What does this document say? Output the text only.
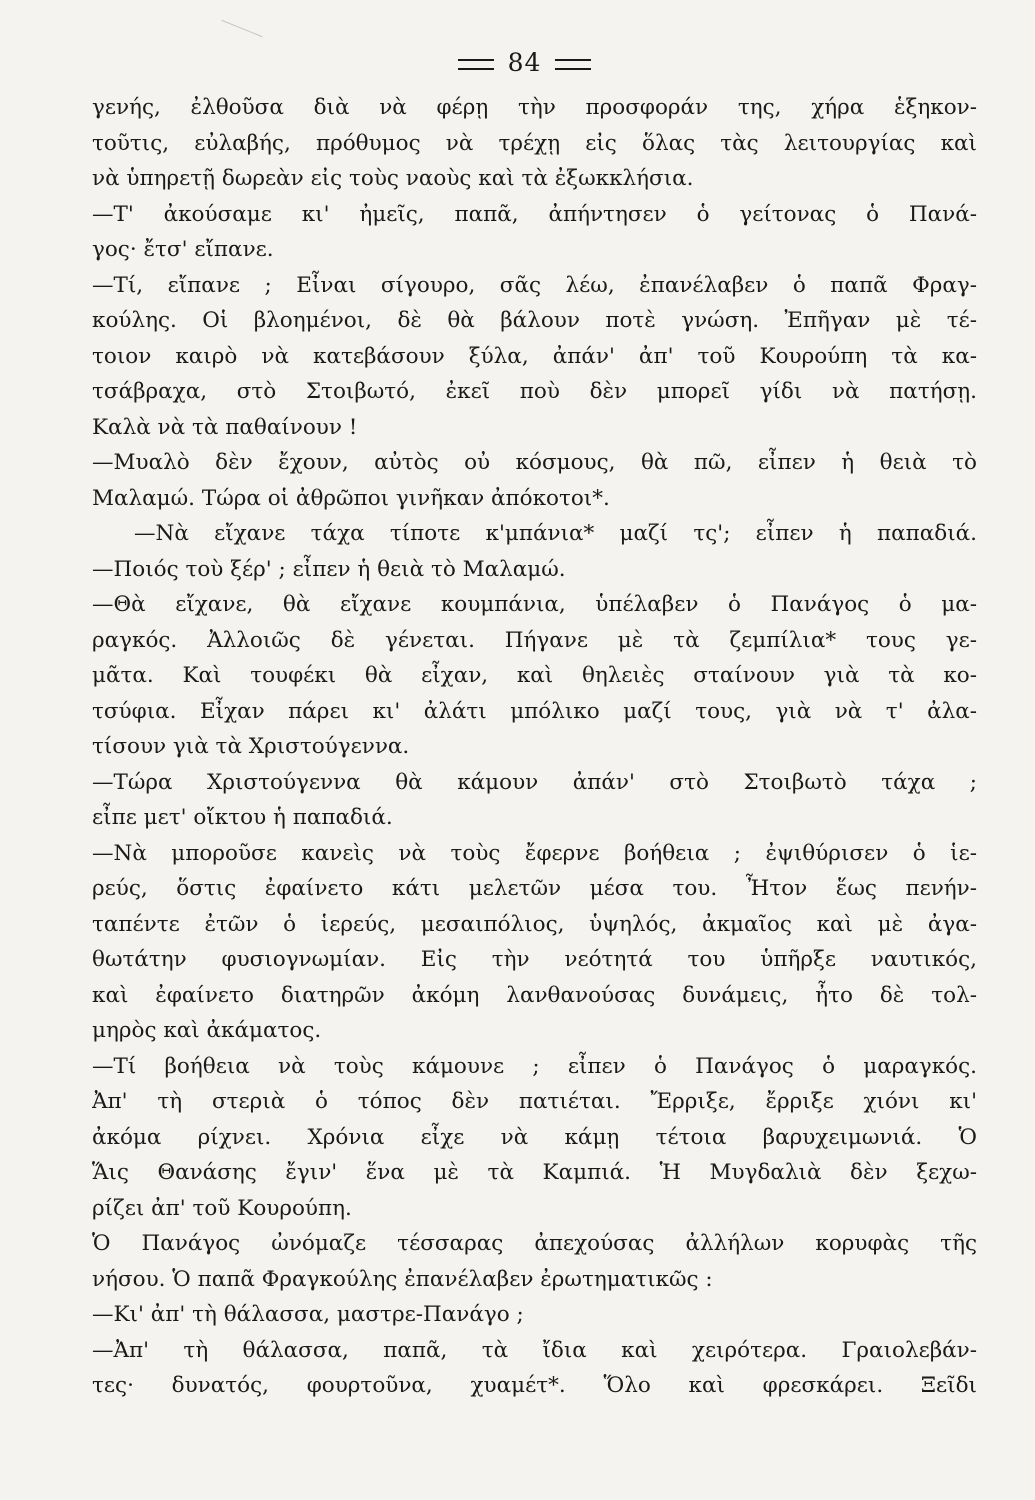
84
γενής, ἐλθοῦσα διὰ νὰ φέρῃ τὴν προσφοράν της, χήρα ἑξηκον-
τοῦτις, εὐλαβής, πρόθυμος νὰ τρέχῃ εἰς ὅλας τὰς λειτουργίας καὶ
νὰ ὑπηρετῇ δωρεὰν εἰς τοὺς ναοὺς καὶ τὰ ἐξωκκλήσια.
—Τ' ἀκούσαμε κι' ἠμεῖς, παπᾶ, ἀπήντησεν ὁ γείτονας ὁ Πανά-
γος· ἔτσ' εἴπανε.
—Τί, εἴπανε ; Εἶναι σίγουρο, σᾶς λέω, ἐπανέλαβεν ὁ παπᾶ Φραγ-
κούλης. Οἱ βλοημένοι, δὲ θὰ βάλουν ποτὲ γνώση. Ἐπῆγαν μὲ τέ-
τοιον καιρὸ νὰ κατεβάσουν ξύλα, ἀπάν' ἀπ' τοῦ Κουρούπη τὰ κα-
τσάβραχα, στὸ Στοιβωτό, ἐκεῖ ποὺ δὲν μπορεῖ γίδι νὰ πατήσῃ.
Καλὰ νὰ τὰ παθαίνουν !
—Μυαλὸ δὲν ἔχουν, αὐτὸς οὐ κόσμους, θὰ πῶ, εἶπεν ἡ θειὰ τὸ
Μαλαμώ. Τώρα οἱ ἀθρῶποι γινῆκαν ἀπόκοτοι*.
—Νὰ εἴχανε τάχα τίποτε κ'μπάνια* μαζί τς'; εἶπεν ἡ παπαδιά.
—Ποιός τοὺ ξέρ' ; εἶπεν ἡ θειὰ τὸ Μαλαμώ.
—Θὰ εἴχανε, θὰ εἴχανε κουμπάνια, ὑπέλαβεν ὁ Πανάγος ὁ μα-
ραγκός. Ἀλλοιῶς δὲ γένεται. Πήγανε μὲ τὰ ζεμπίλια* τους γε-
μᾶτα. Καὶ τουφέκι θὰ εἶχαν, καὶ θηλειὲς σταίνουν γιὰ τὰ κο-
τσύφια. Εἶχαν πάρει κι' ἀλάτι μπόλικο μαζί τους, γιὰ νὰ τ' ἀλα-
τίσουν γιὰ τὰ Χριστούγεννα.
—Τώρα Χριστούγεννα θὰ κάμουν ἀπάν' στὸ Στοιβωτὸ τάχα ;
εἶπε μετ' οἴκτου ἡ παπαδιά.
—Νὰ μποροῦσε κανεὶς νὰ τοὺς ἔφερνε βοήθεια ; ἐψιθύρισεν ὁ ἱε-
ρεύς, ὅστις ἐφαίνετο κάτι μελετῶν μέσα του. Ἦτον ἕως πενήν-
ταπέντε ἐτῶν ὁ ἱερεύς, μεσαιπόλιος, ὑψηλός, ἀκμαῖος καὶ μὲ ἀγα-
θωτάτην φυσιογνωμίαν. Εἰς τὴν νεότητά του ὑπῆρξε ναυτικός,
καὶ ἐφαίνετο διατηρῶν ἀκόμη λανθανούσας δυνάμεις, ἦτο δὲ τολ-
μηρὸς καὶ ἀκάματος.
—Τί βοήθεια νὰ τοὺς κάμουνε ; εἶπεν ὁ Πανάγος ὁ μαραγκός.
Ἀπ' τὴ στεριὰ ὁ τόπος δὲν πατιέται. Ἔρριξε, ἔρριξε χιόνι κι'
ἀκόμα ρίχνει. Χρόνια εἶχε νὰ κάμῃ τέτοια βαρυχειμωνιά. Ὁ
Ἅις Θανάσης ἔγιν' ἕνα μὲ τὰ Καμπιά. Ἡ Μυγδαλιὰ δὲν ξεχω-
ρίζει ἀπ' τοῦ Κουρούπη.
Ὁ Πανάγος ὠνόμαζε τέσσαρας ἀπεχούσας ἀλλήλων κορυφὰς τῆς
νήσου. Ὁ παπᾶ Φραγκούλης ἐπανέλαβεν ἐρωτηματικῶς :
—Κι' ἀπ' τὴ θάλασσα, μαστρε-Πανάγο ;
—Ἀπ' τὴ θάλασσα, παπᾶ, τὰ ἴδια καὶ χειρότερα. Γραιολεβάν-
τες· δυνατός, φουρτοῦνα, χυαμέτ*. Ὅλο καὶ φρεσκάρει. Ξεῖδι
